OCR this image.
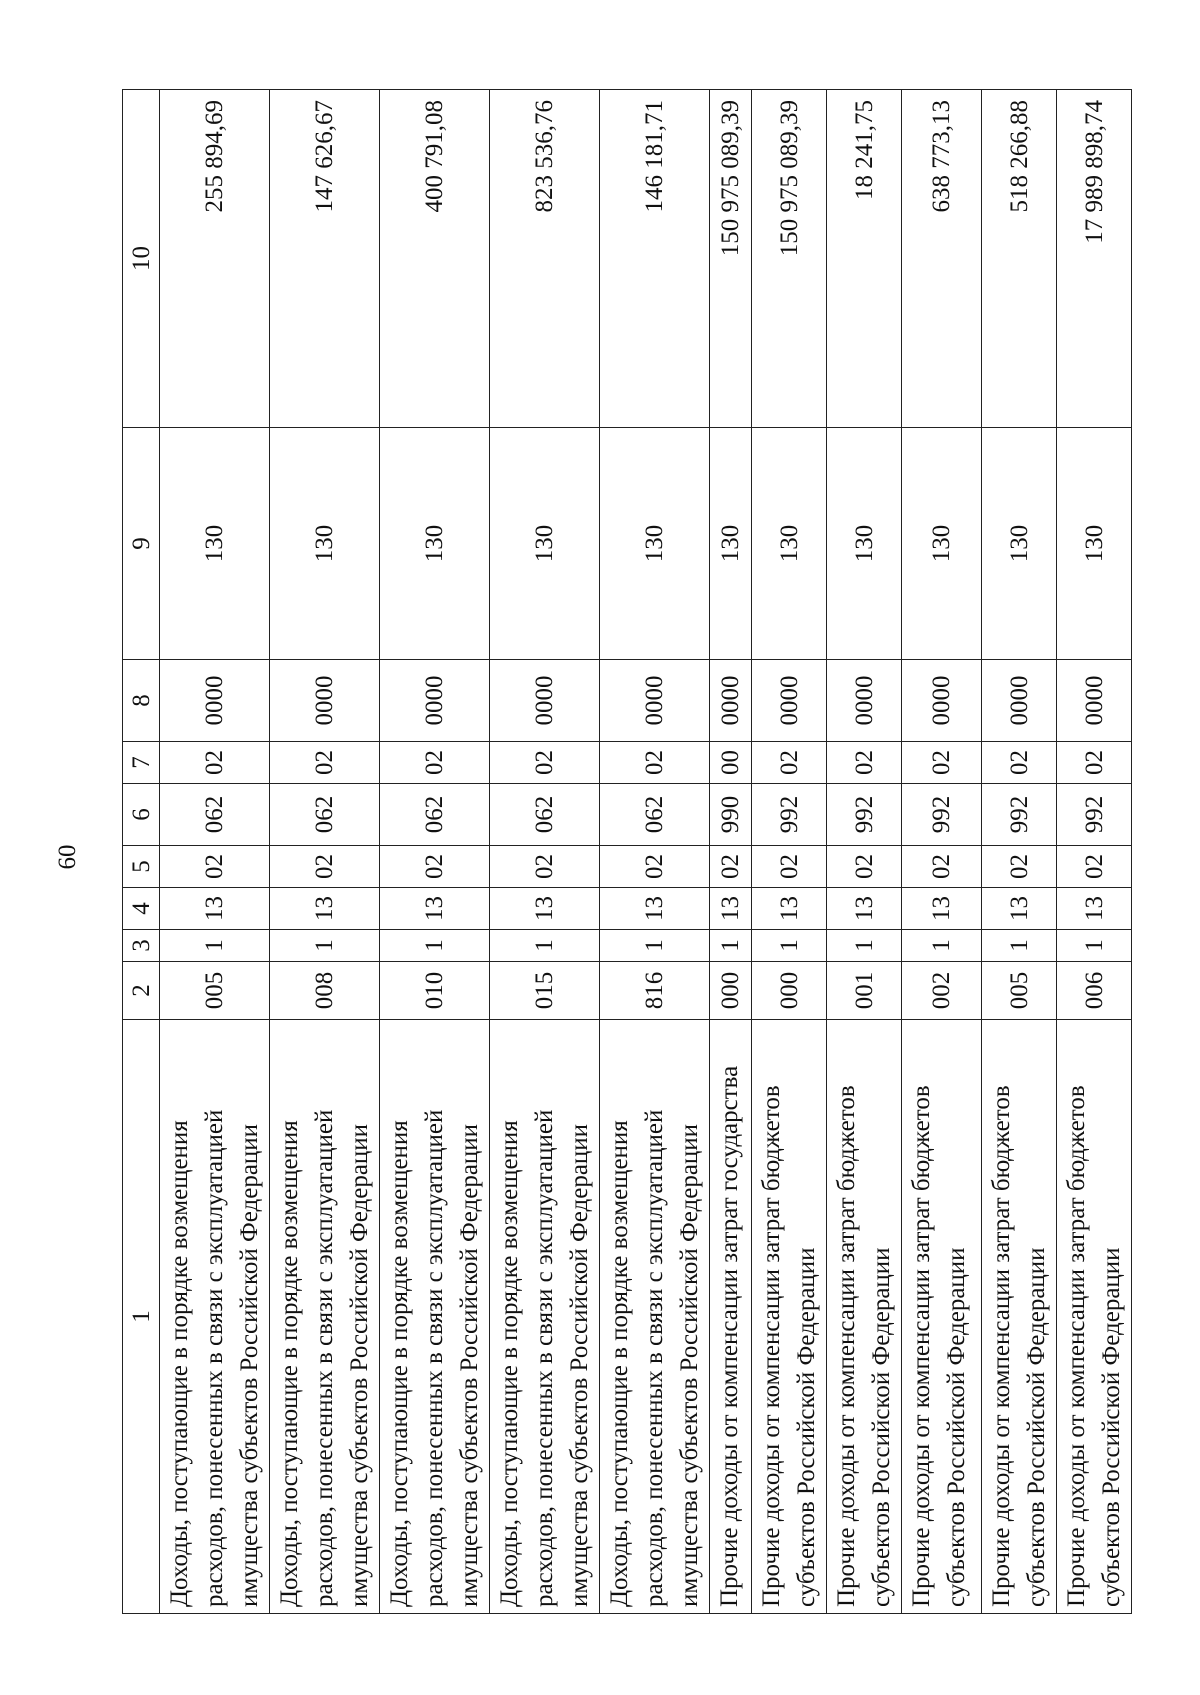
60
1	2	3	4	5	6	7	8	9	10
Доходы, поступающие в порядке возмещения расходов, понесенных в связи с эксплуатацией имущества субъектов Российской Федерации	005	1	13	02	062	02	0000	130	255 894,69
Доходы, поступающие в порядке возмещения расходов, понесенных в связи с эксплуатацией имущества субъектов Российской Федерации	008	1	13	02	062	02	0000	130	147 626,67
Доходы, поступающие в порядке возмещения расходов, понесенных в связи с эксплуатацией имущества субъектов Российской Федерации	010	1	13	02	062	02	0000	130	400 791,08
Доходы, поступающие в порядке возмещения расходов, понесенных в связи с эксплуатацией имущества субъектов Российской Федерации	015	1	13	02	062	02	0000	130	823 536,76
Доходы, поступающие в порядке возмещения расходов, понесенных в связи с эксплуатацией имущества субъектов Российской Федерации	816	1	13	02	062	02	0000	130	146 181,71
Прочие доходы от компенсации затрат государства	000	1	13	02	990	00	0000	130	150 975 089,39
Прочие доходы от компенсации затрат бюджетов субъектов Российской Федерации	000	1	13	02	992	02	0000	130	150 975 089,39
Прочие доходы от компенсации затрат бюджетов субъектов Российской Федерации	001	1	13	02	992	02	0000	130	18 241,75
Прочие доходы от компенсации затрат бюджетов субъектов Российской Федерации	002	1	13	02	992	02	0000	130	638 773,13
Прочие доходы от компенсации затрат бюджетов субъектов Российской Федерации	005	1	13	02	992	02	0000	130	518 266,88
Прочие доходы от компенсации затрат бюджетов субъектов Российской Федерации	006	1	13	02	992	02	0000	130	17 989 898,74
